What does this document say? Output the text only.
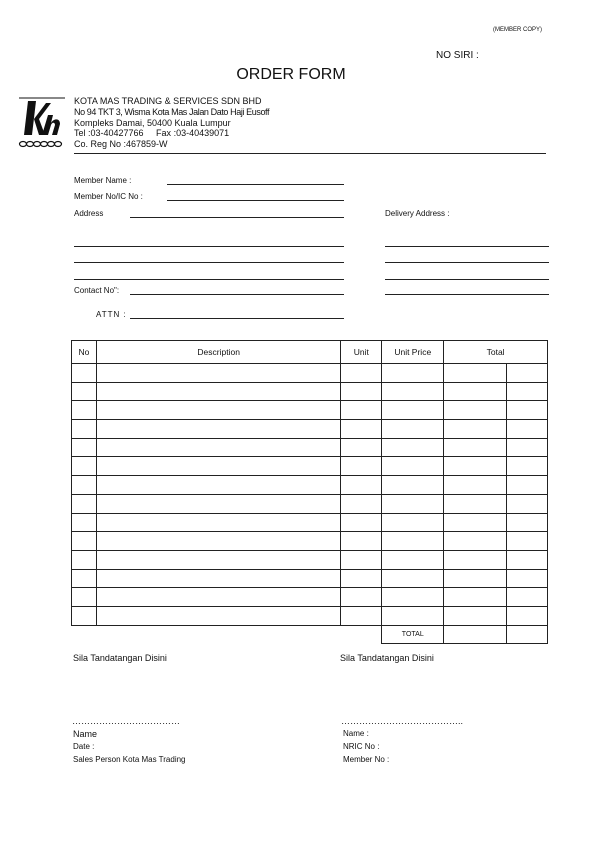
(MEMBER COPY)
NO SIRI :
ORDER FORM
KOTA MAS TRADING & SERVICES SDN BHD
No 94 TKT 3, Wisma Kota Mas Jalan Dato Haji Eusoff
Kompleks Damai, 50400 Kuala Lumpur
Tel :03-40427766     Fax :03-40439071
Co. Reg No :467859-W
Member Name :
Member No/IC No :
Address	Delivery Address :
Contact No":
ATTN :
No	Description	Unit	Unit Price	Total	

			TOTAL		
Sila Tandatangan Disini	Sila Tandatangan Disini
………………………………	…………………………………..
Name
Date :
Sales Person Kota Mas Trading
Name :
NRIC No :
Member No :
